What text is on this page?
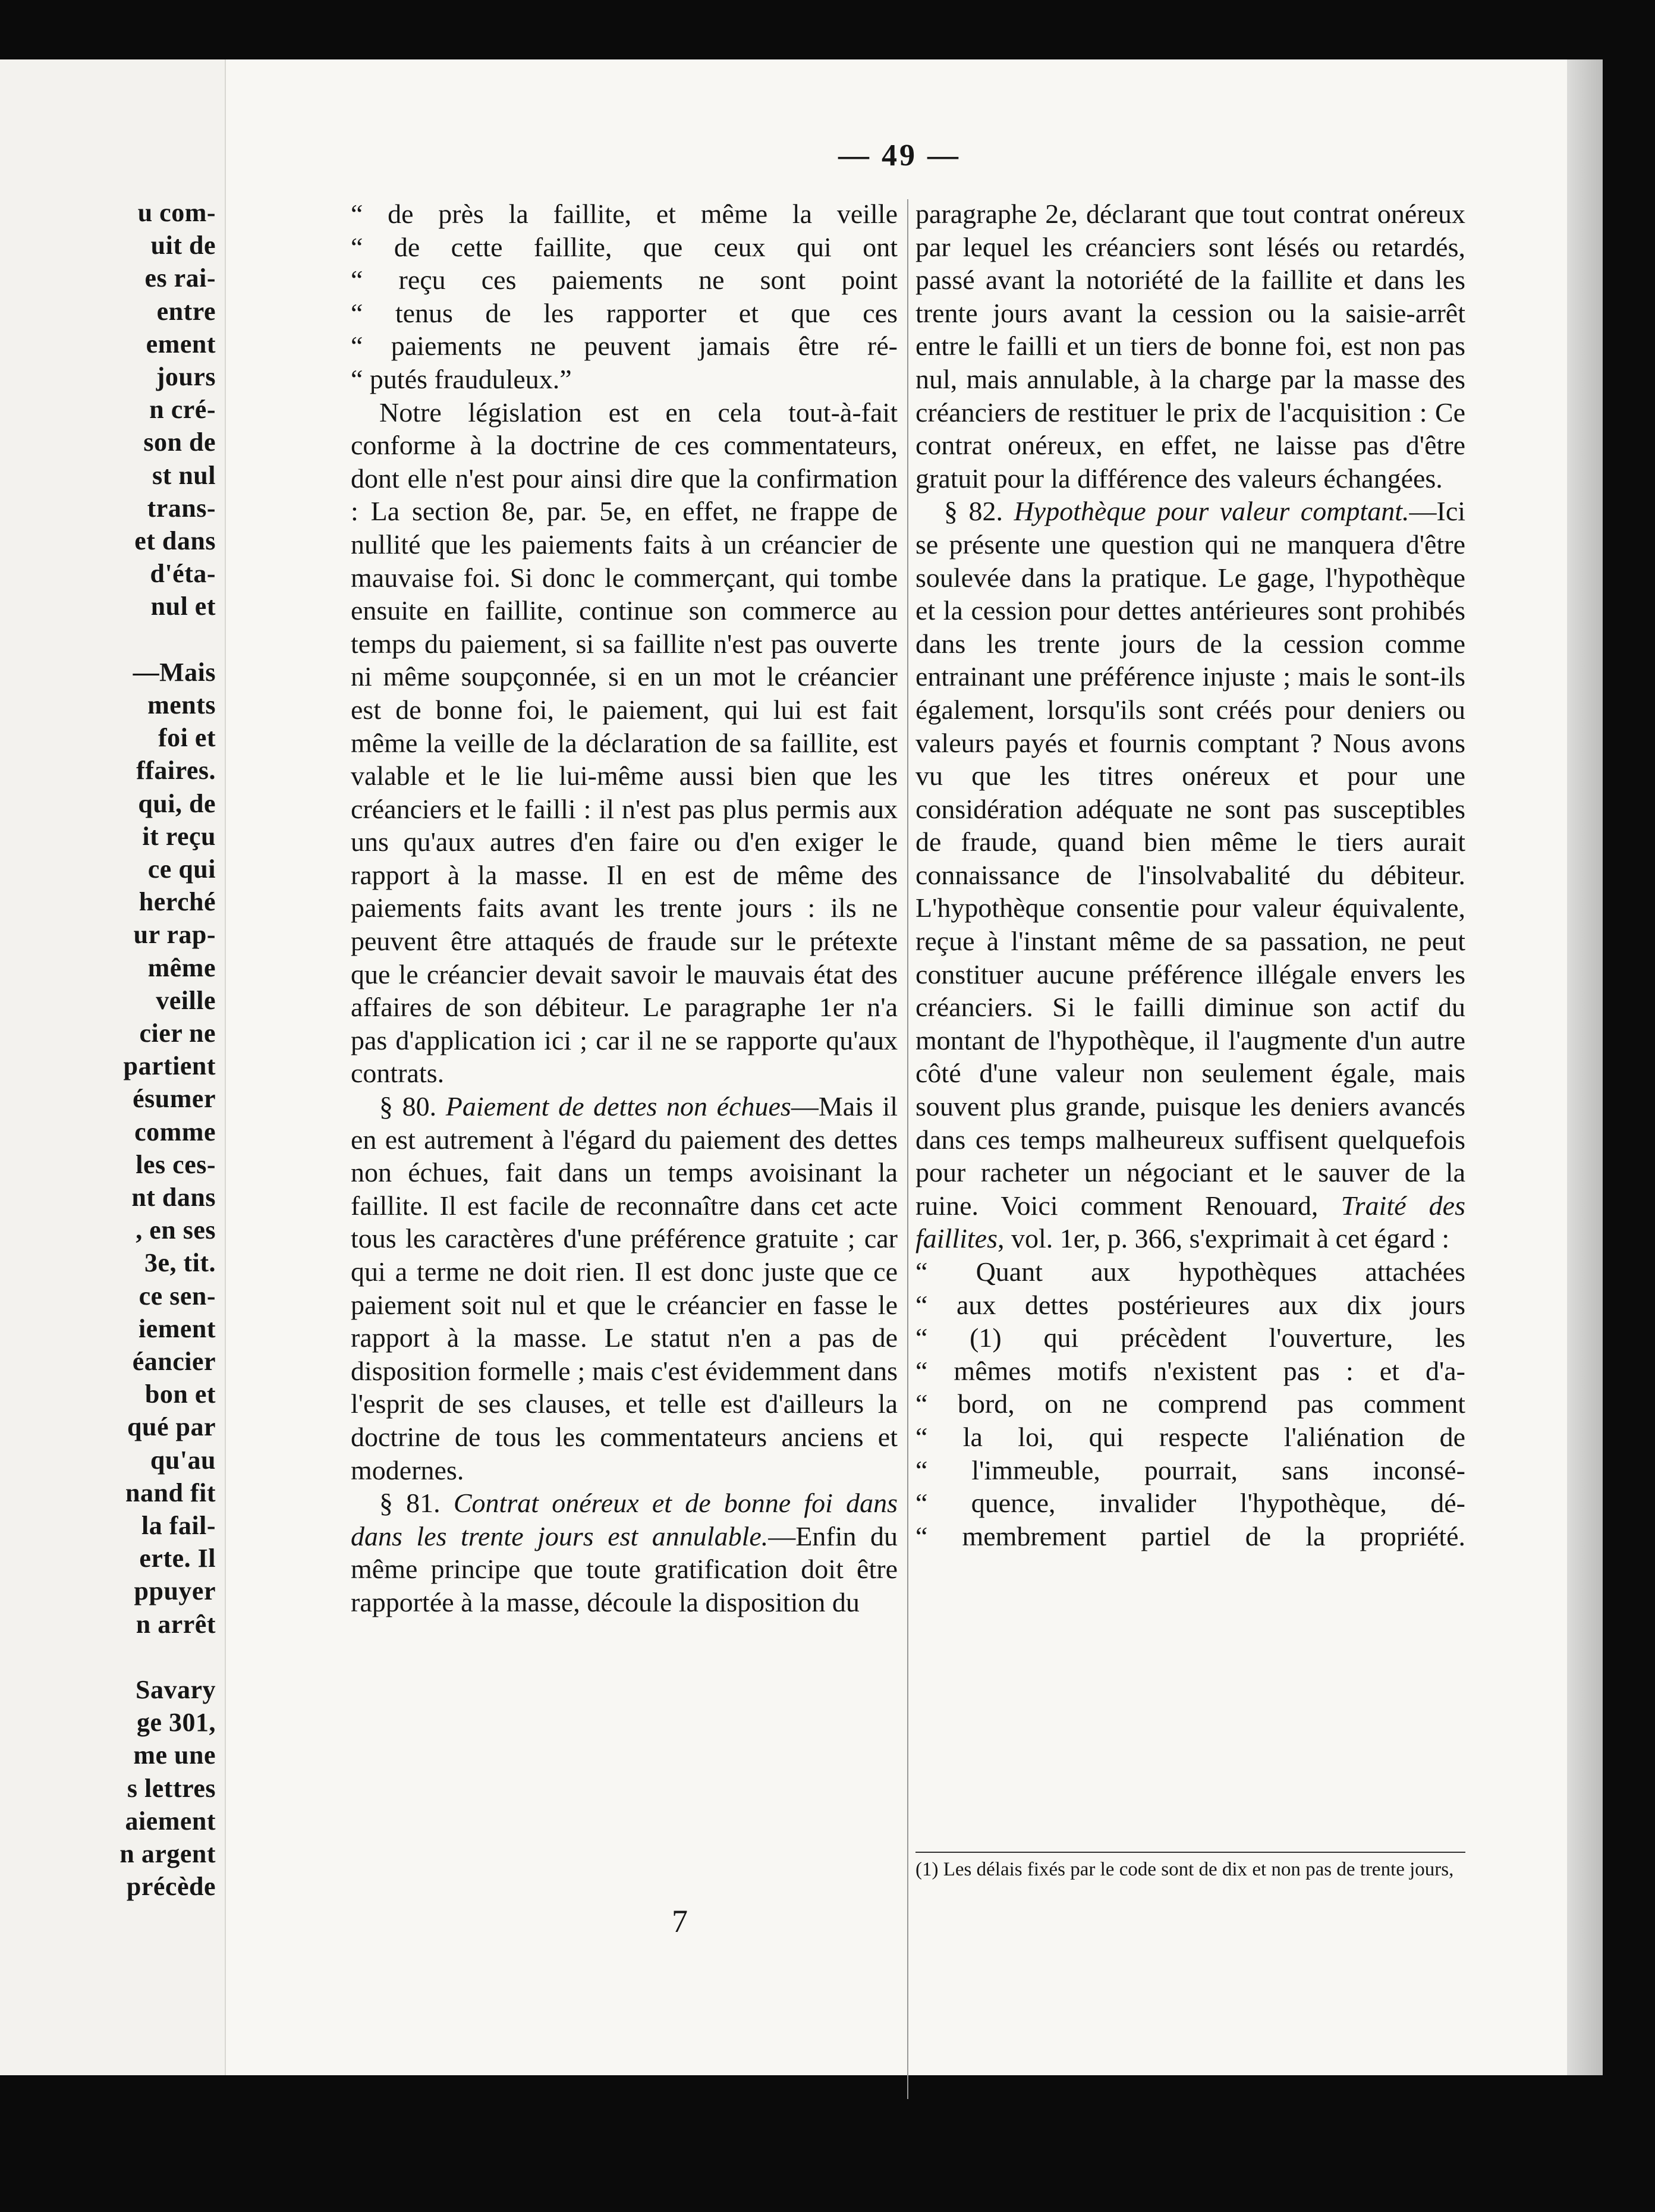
u com-
uit de
es rai-
entre
ement
jours
n cré-
son de
st nul
trans-
et dans
d'éta-
nul et
—Mais
ments
foi et
ffaires.
qui, de
it reçu
ce qui
herché
ur rap-
même
veille
cier ne
partient
ésumer
comme
les ces-
nt dans
, en ses
3e, tit.
ce sen-
iement
éancier
bon et
qué par
qu'au
nand fit
la fail-
erte. Il
ppuyer
n arrêt
Savary
ge 301,
me une
s lettres
aiement
n argent
précède
— 49 —

“ de près la faillite, et même la veille

“ de cette faillite, que ceux qui ont

“ reçu ces paiements ne sont point

“ tenus de les rapporter et que ces

“ paiements ne peuvent jamais être ré-

“ putés frauduleux.”

Notre législation est en cela tout-à-fait conforme à la doctrine de ces commentateurs, dont elle n'est pour ainsi dire que la confirmation : La section 8e, par. 5e, en effet, ne frappe de nullité que les paiements faits à un créancier de mauvaise foi. Si donc le commerçant, qui tombe ensuite en faillite, continue son commerce au temps du paiement, si sa faillite n'est pas ouverte ni même soupçonnée, si en un mot le créancier est de bonne foi, le paiement, qui lui est fait même la veille de la déclaration de sa faillite, est valable et le lie lui-même aussi bien que les créanciers et le failli : il n'est pas plus permis aux uns qu'aux autres d'en faire ou d'en exiger le rapport à la masse. Il en est de même des paiements faits avant les trente jours : ils ne peuvent être attaqués de fraude sur le prétexte que le créancier devait savoir le mauvais état des affaires de son débiteur. Le paragraphe 1er n'a pas d'application ici ; car il ne se rapporte qu'aux contrats.

§ 80. Paiement de dettes non échues—Mais il en est autrement à l'égard du paiement des dettes non échues, fait dans un temps avoisinant la faillite. Il est facile de reconnaître dans cet acte tous les caractères d'une préférence gratuite ; car qui a terme ne doit rien. Il est donc juste que ce paiement soit nul et que le créancier en fasse le rapport à la masse. Le statut n'en a pas de disposition formelle ; mais c'est évidemment dans l'esprit de ses clauses, et telle est d'ailleurs la doctrine de tous les commentateurs anciens et modernes.

§ 81. Contrat onéreux et de bonne foi dans dans les trente jours est annulable.—Enfin du même principe que toute gratification doit être rapportée à la masse, découle la disposition du

paragraphe 2e, déclarant que tout contrat onéreux par lequel les créanciers sont lésés ou retardés, passé avant la notoriété de la faillite et dans les trente jours avant la cession ou la saisie-arrêt entre le failli et un tiers de bonne foi, est non pas nul, mais annulable, à la charge par la masse des créanciers de restituer le prix de l'acquisition : Ce contrat onéreux, en effet, ne laisse pas d'être gratuit pour la différence des valeurs échangées.

§ 82. Hypothèque pour valeur comptant.—Ici se présente une question qui ne manquera d'être soulevée dans la pratique. Le gage, l'hypothèque et la cession pour dettes antérieures sont prohibés dans les trente jours de la cession comme entrainant une préférence injuste ; mais le sont-ils également, lorsqu'ils sont créés pour deniers ou valeurs payés et fournis comptant ? Nous avons vu que les titres onéreux et pour une considération adéquate ne sont pas susceptibles de fraude, quand bien même le tiers aurait connaissance de l'insolvabalité du débiteur. L'hypothèque consentie pour valeur équivalente, reçue à l'instant même de sa passation, ne peut constituer aucune préférence illégale envers les créanciers. Si le failli diminue son actif du montant de l'hypothèque, il l'augmente d'un autre côté d'une valeur non seulement égale, mais souvent plus grande, puisque les deniers avancés dans ces temps malheureux suffisent quelquefois pour racheter un négociant et le sauver de la ruine. Voici comment Renouard, Traité des faillites, vol. 1er, p. 366, s'exprimait à cet égard :

“ Quant aux hypothèques attachées

“ aux dettes postérieures aux dix jours

“ (1) qui précèdent l'ouverture, les

“ mêmes motifs n'existent pas : et d'a-

“ bord, on ne comprend pas comment

“ la loi, qui respecte l'aliénation de

“ l'immeuble, pourrait, sans inconsé-

“ quence, invalider l'hypothèque, dé-

“ membrement partiel de la propriété.

(1) Les délais fixés par le code sont de dix et non pas de trente jours,
7
